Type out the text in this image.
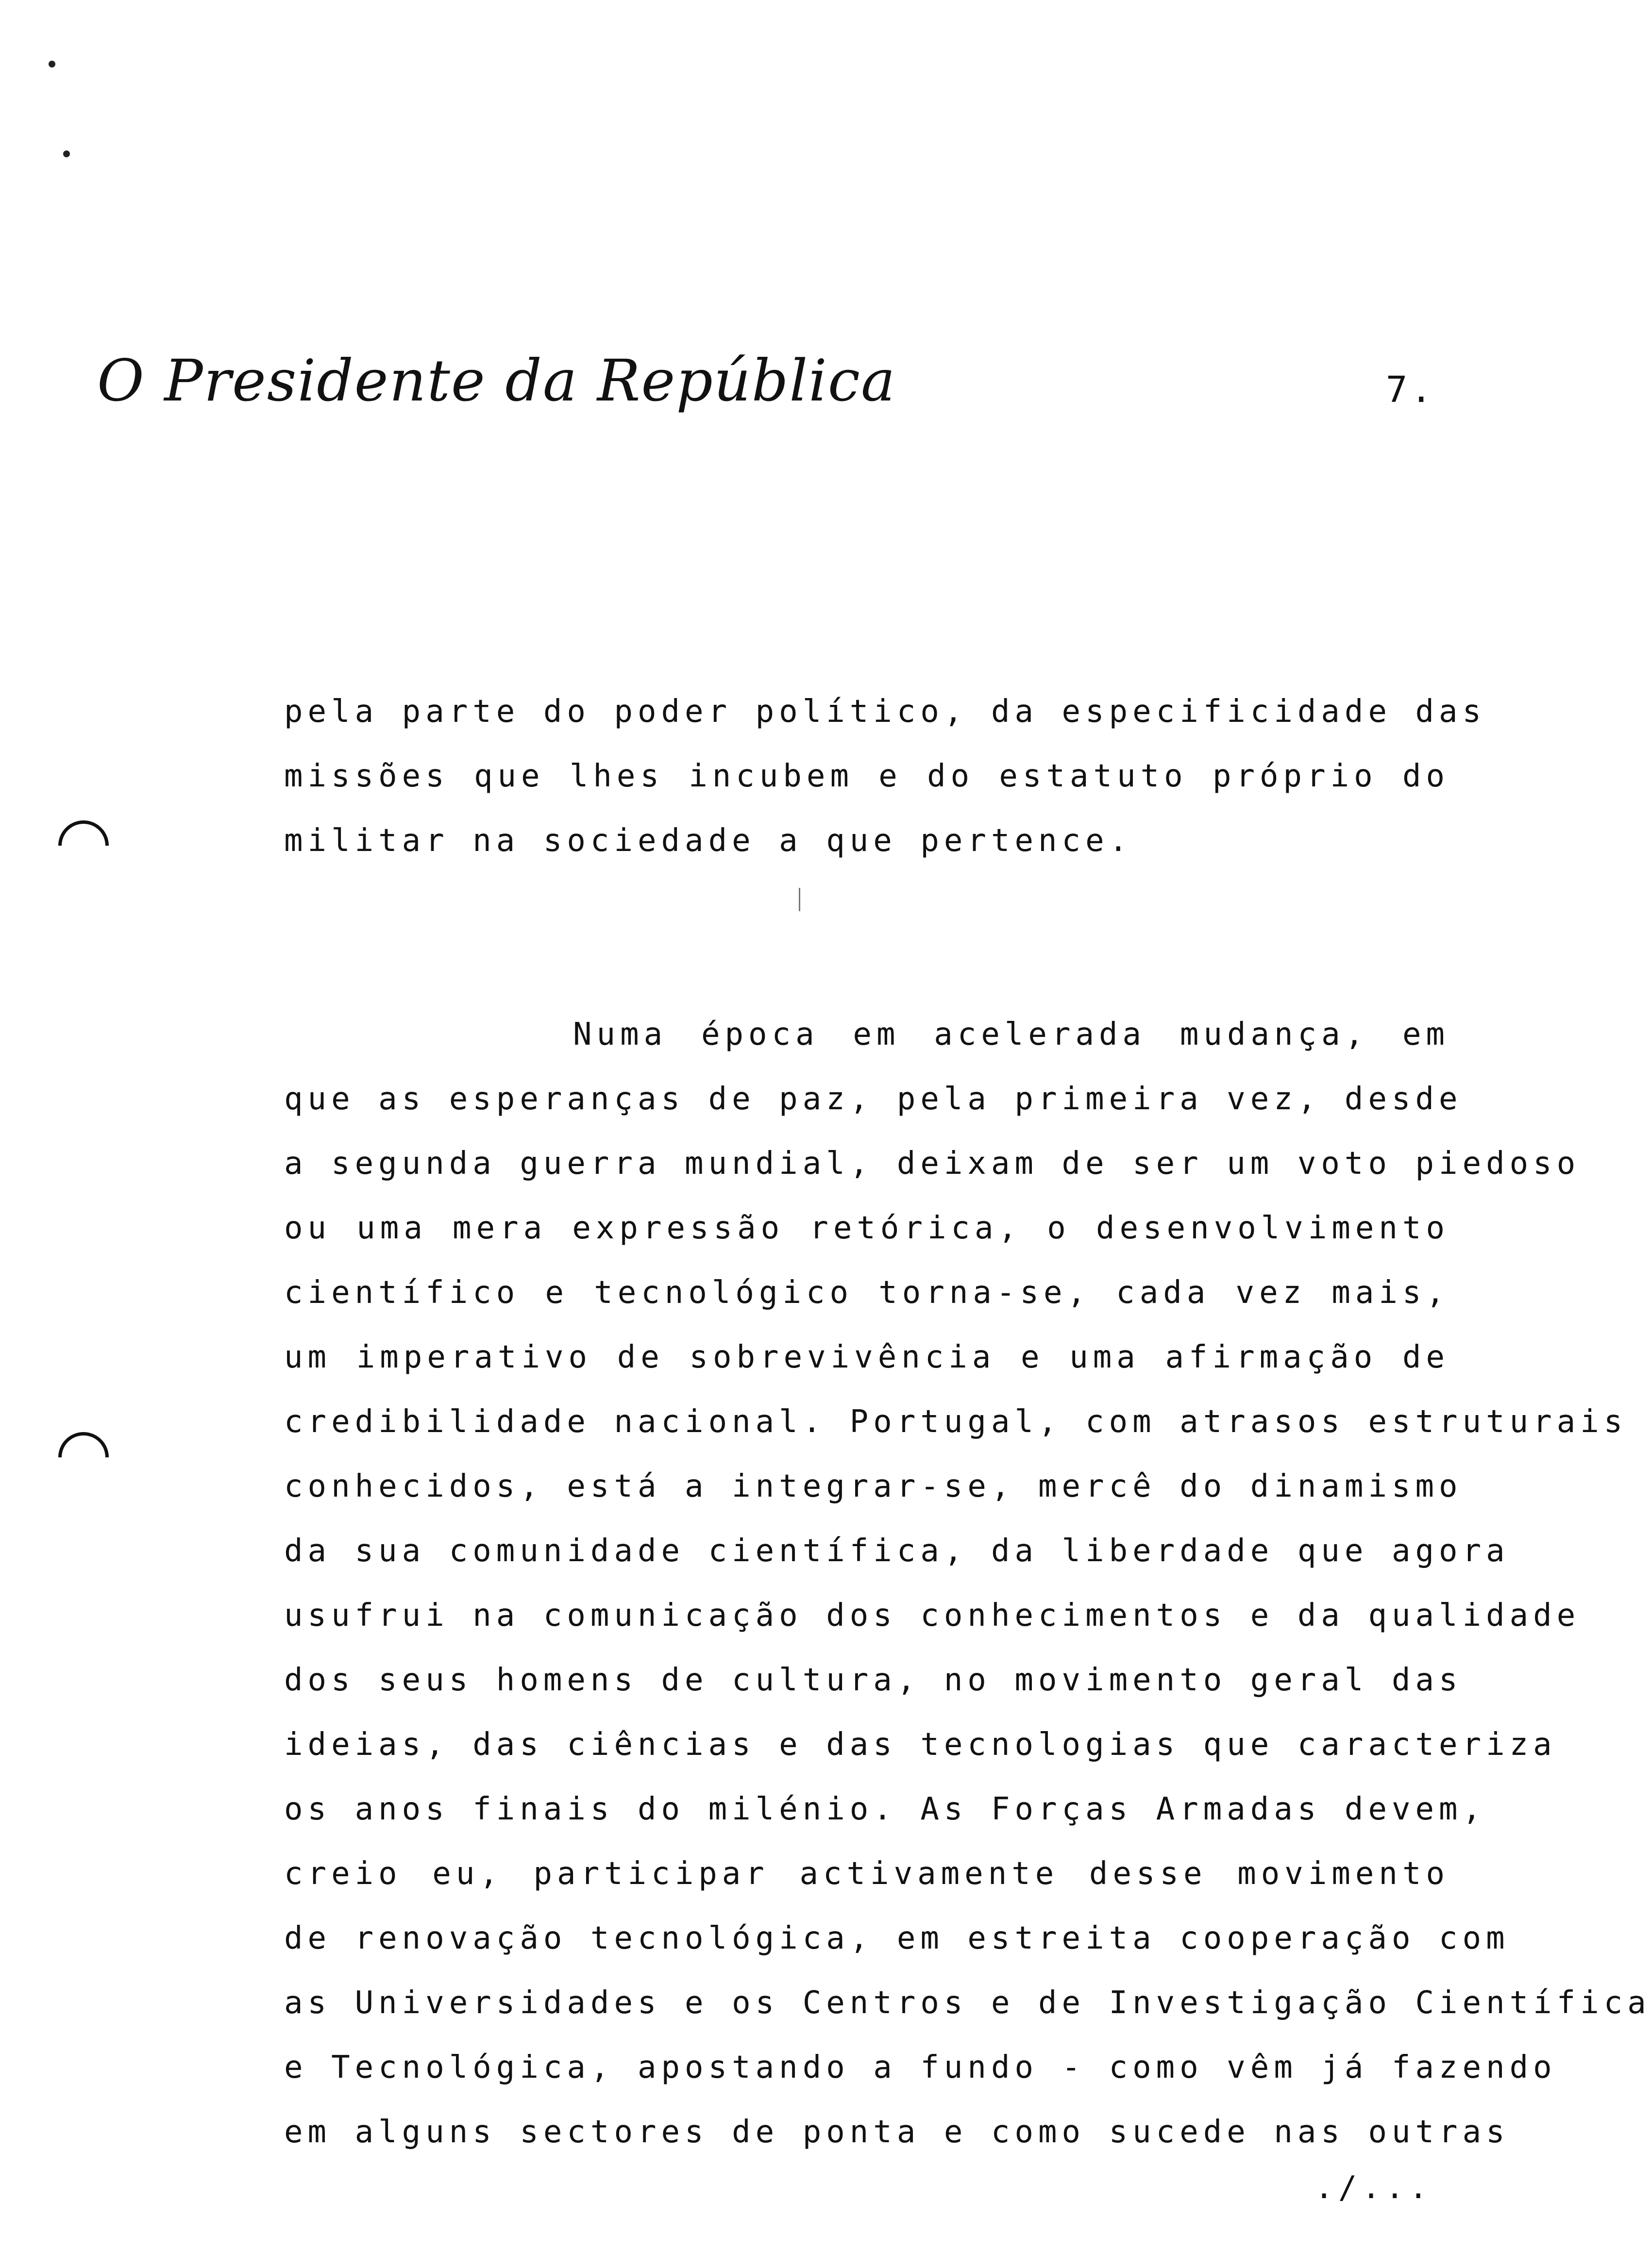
O Presidente da República	7.
pela parte do poder político, da especificidade das
missões que lhes incubem e do estatuto próprio do
militar na sociedade a que pertence.
Numa época em acelerada mudança, em
que as esperanças de paz, pela primeira vez, desde
a segunda guerra mundial, deixam de ser um voto piedoso
ou uma mera expressão retórica, o desenvolvimento
científico e tecnológico torna-se, cada vez mais,
um imperativo de sobrevivência e uma afirmação de
credibilidade nacional. Portugal, com atrasos estruturais
conhecidos, está a integrar-se, mercê do dinamismo
da sua comunidade científica, da liberdade que agora
usufrui na comunicação dos conhecimentos e da qualidade
dos seus homens de cultura, no movimento geral das
ideias, das ciências e das tecnologias que caracteriza
os anos finais do milénio. As Forças Armadas devem,
creio eu, participar activamente desse movimento
de renovação tecnológica, em estreita cooperação com
as Universidades e os Centros e de Investigação Científica
e Tecnológica, apostando a fundo - como vêm já fazendo
em alguns sectores de ponta e como sucede nas outras
./...
